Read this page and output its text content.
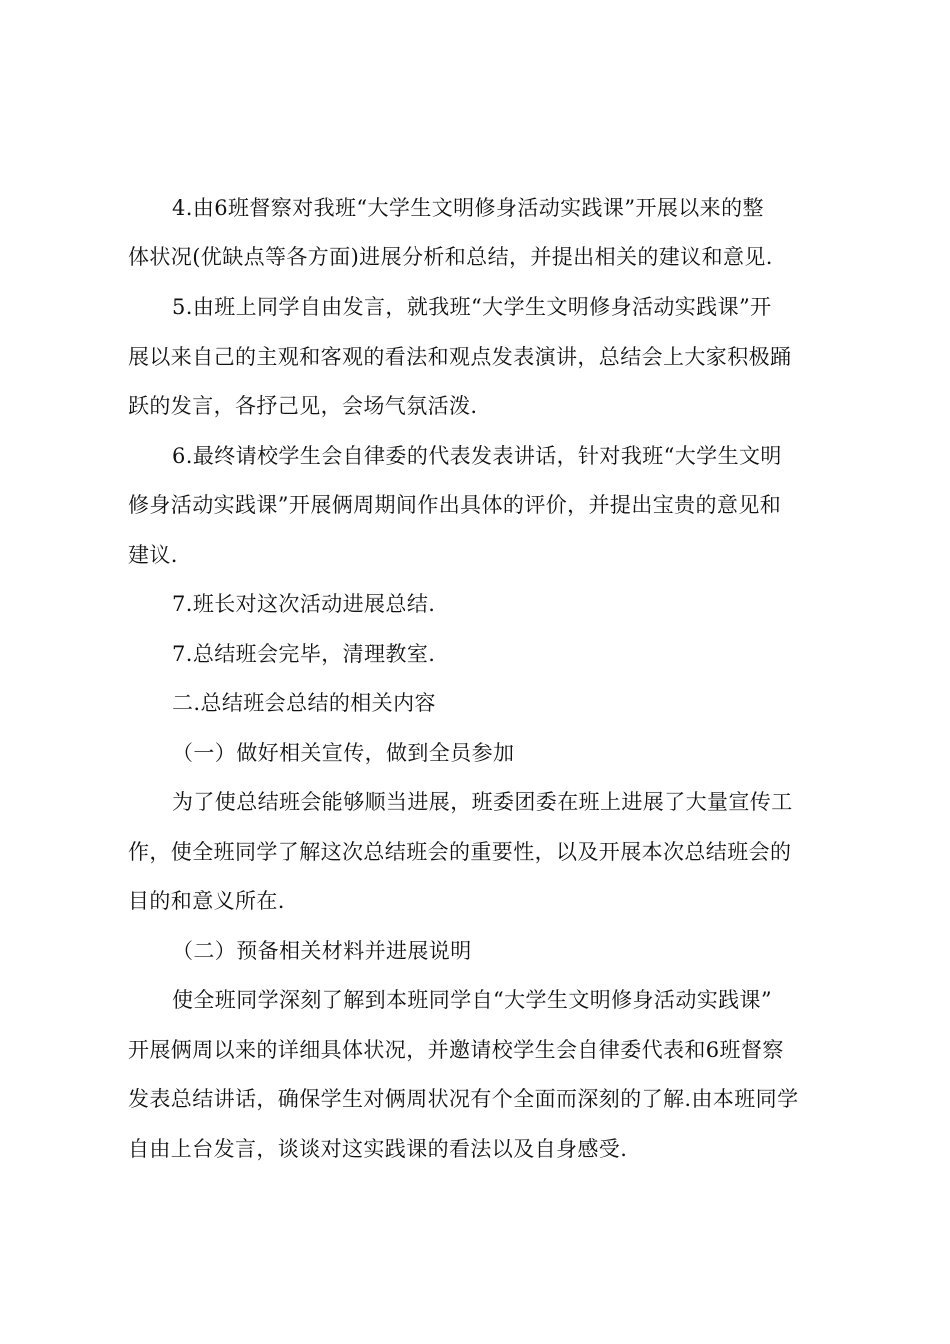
4.由6班督察对我班“大学生文明修身活动实践课”开展以来的整
体状况(优缺点等各方面)进展分析和总结，并提出相关的建议和意见.
5.由班上同学自由发言，就我班“大学生文明修身活动实践课”开
展以来自己的主观和客观的看法和观点发表演讲，总结会上大家积极踊
跃的发言，各抒己见，会场气氛活泼.
6.最终请校学生会自律委的代表发表讲话，针对我班“大学生文明
修身活动实践课”开展俩周期间作出具体的评价，并提出宝贵的意见和
建议.
7.班长对这次活动进展总结.
7.总结班会完毕，清理教室.
二.总结班会总结的相关内容
（一）做好相关宣传，做到全员参加
为了使总结班会能够顺当进展，班委团委在班上进展了大量宣传工
作，使全班同学了解这次总结班会的重要性，以及开展本次总结班会的
目的和意义所在.
（二）预备相关材料并进展说明
使全班同学深刻了解到本班同学自“大学生文明修身活动实践课”
开展俩周以来的详细具体状况，并邀请校学生会自律委代表和6班督察
发表总结讲话，确保学生对俩周状况有个全面而深刻的了解.由本班同学
自由上台发言，谈谈对这实践课的看法以及自身感受.
